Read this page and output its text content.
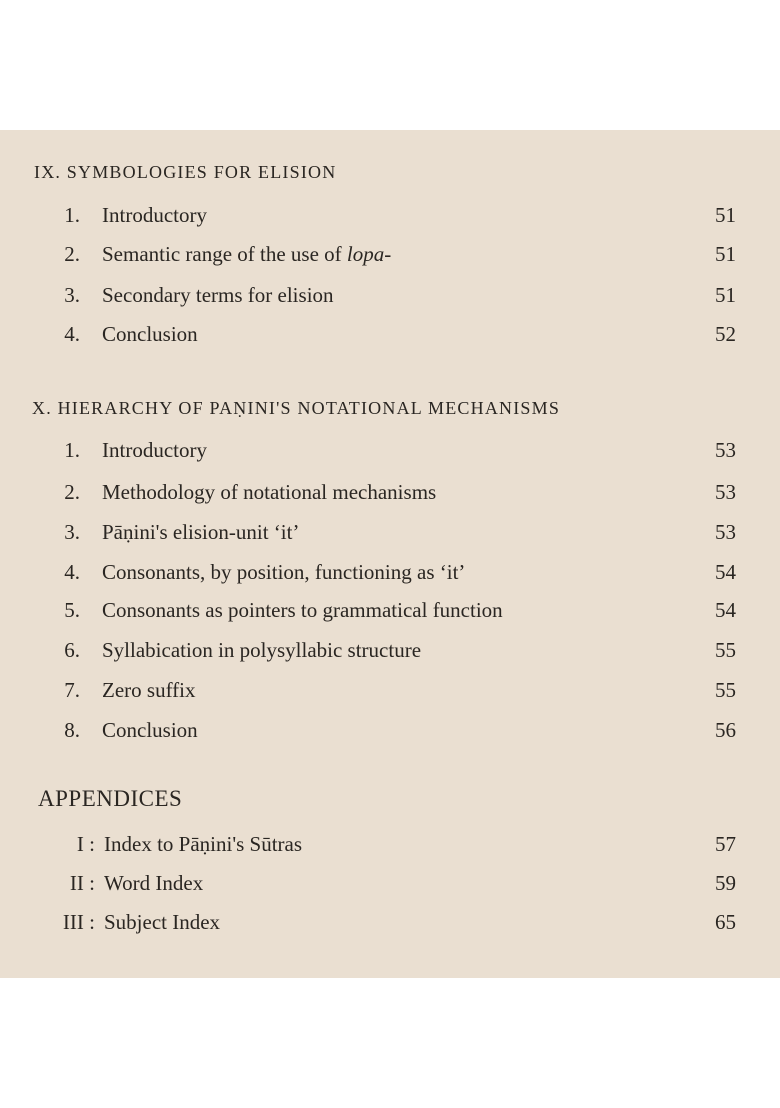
IX. SYMBOLOGIES FOR ELISION
1. Introductory	51
2. Semantic range of the use of lopa-	51
3. Secondary terms for elision	51
4. Conclusion	52
X. HIERARCHY OF PAṆINI'S NOTATIONAL MECHANISMS
1. Introductory	53
2. Methodology of notational mechanisms	53
3. Pāṇini's elision-unit ‘it’	53
4. Consonants, by position, functioning as ‘it’	54
5. Consonants as pointers to grammatical function	54
6. Syllabication in polysyllabic structure	55
7. Zero suffix	55
8. Conclusion	56
APPENDICES
I : Index to Pāṇini's Sūtras	57
II : Word Index	59
III : Subject Index	65
